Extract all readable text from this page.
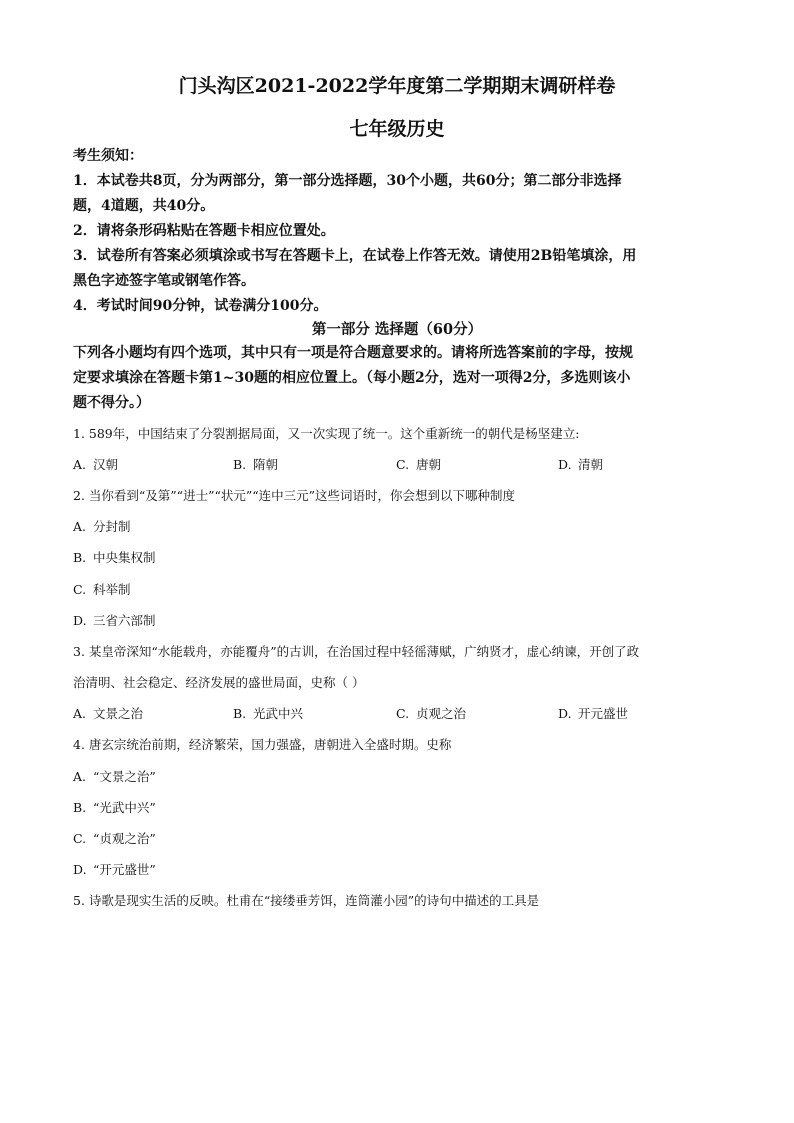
门头沟区2021-2022学年度第二学期期末调研样卷
七年级历史
考生须知：
1．本试卷共8页，分为两部分，第一部分选择题，30个小题，共60分；第二部分非选择
题，4道题，共40分。
2．请将条形码粘贴在答题卡相应位置处。
3．试卷所有答案必须填涂或书写在答题卡上，在试卷上作答无效。请使用2B铅笔填涂，用
黑色字迹签字笔或钢笔作答。
4．考试时间90分钟，试卷满分100分。
第一部分 选择题（60分）
下列各小题均有四个选项，其中只有一项是符合题意要求的。请将所选答案前的字母，按规
定要求填涂在答题卡第1~30题的相应位置上。（每小题2分，选对一项得2分，多选则该小
题不得分。）
1. 589年，中国结束了分裂割据局面，又一次实现了统一。这个重新统一的朝代是杨坚建立:
A. 汉朝	B. 隋朝	C. 唐朝	D. 清朝
2. 当你看到“及第”“进士”“状元”“连中三元”这些词语时，你会想到以下哪种制度
A. 分封制
B. 中央集权制
C. 科举制
D. 三省六部制
3. 某皇帝深知“水能载舟，亦能覆舟”的古训，在治国过程中轻徭薄赋，广纳贤才，虚心纳谏，开创了政
治清明、社会稳定、经济发展的盛世局面，史称（ ）
A. 文景之治	B. 光武中兴	C. 贞观之治	D. 开元盛世
4. 唐玄宗统治前期，经济繁荣，国力强盛，唐朝进入全盛时期。史称
A. “文景之治”
B. “光武中兴”
C. “贞观之治”
D. “开元盛世”
5. 诗歌是现实生活的反映。杜甫在“接缕垂芳饵，连筒灌小园”的诗句中描述的工具是
